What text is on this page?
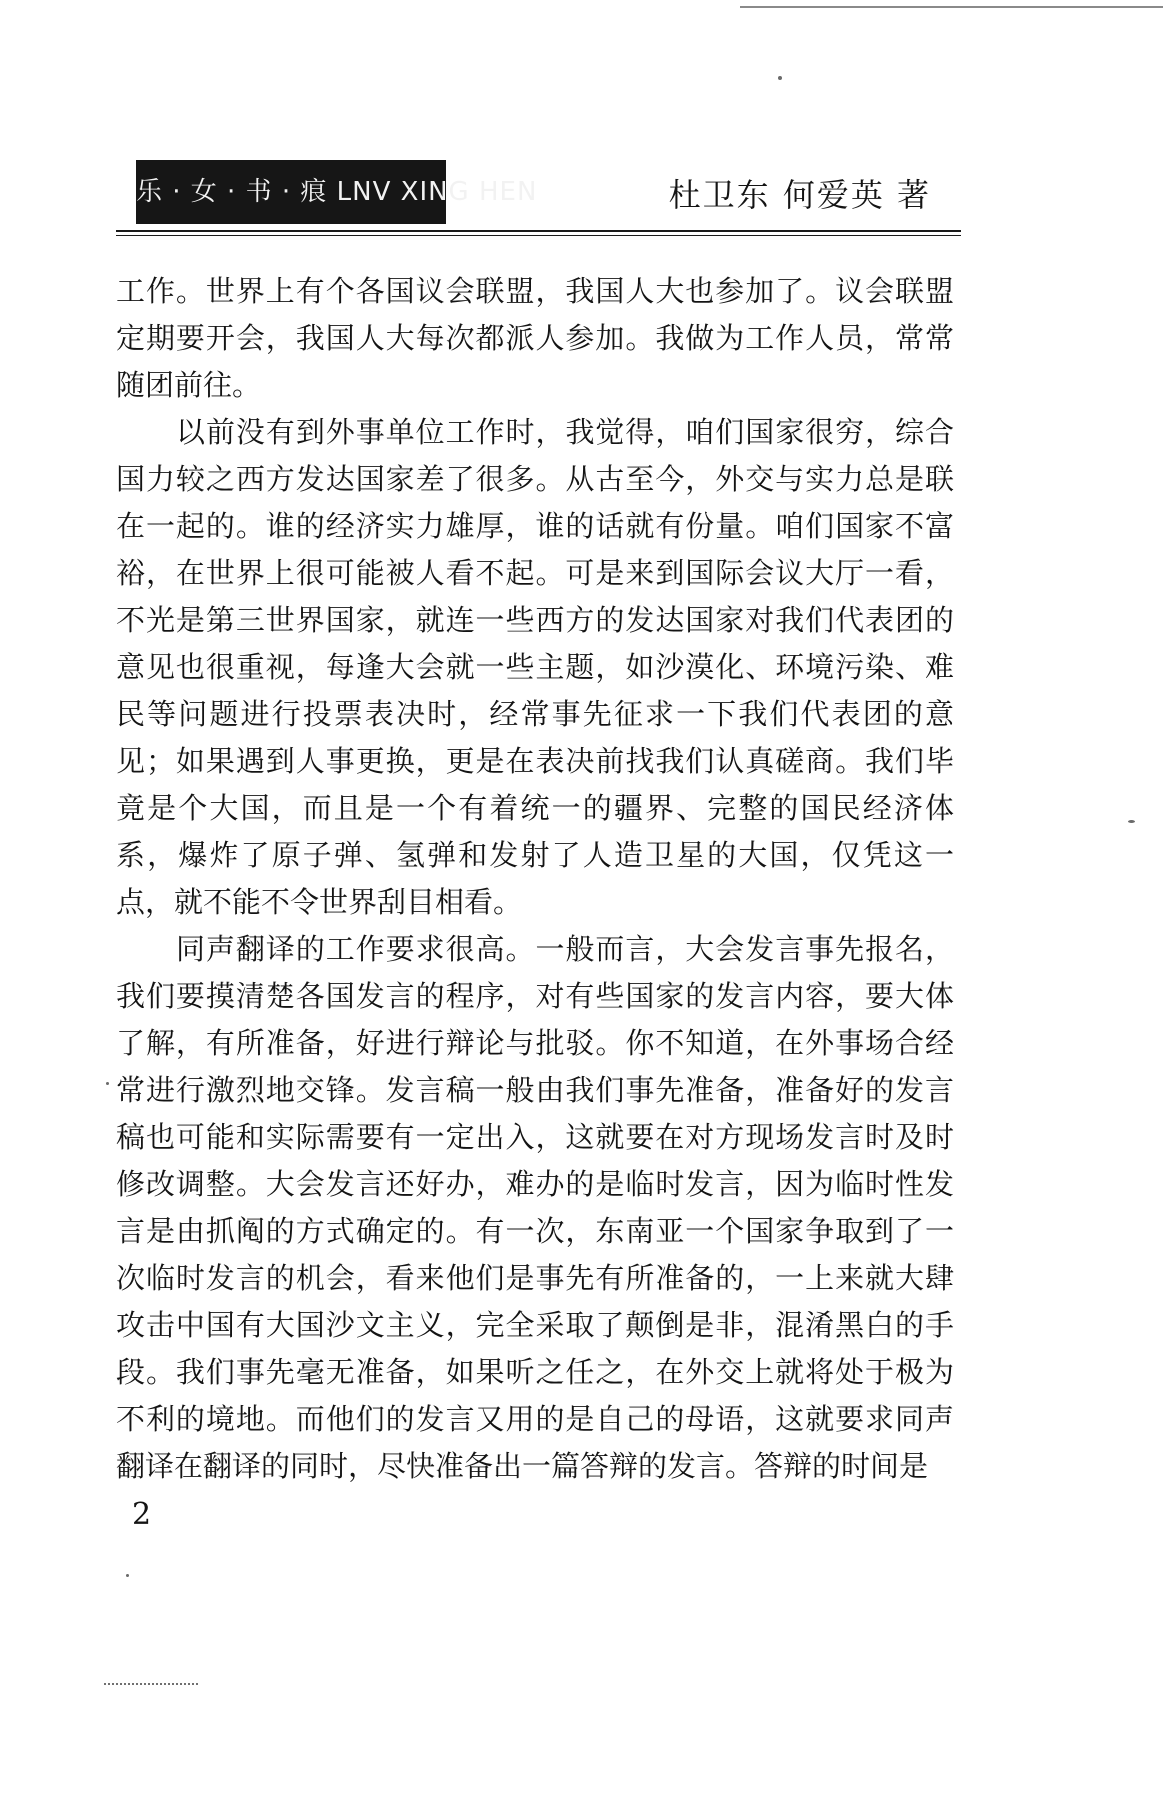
乐 · 女 · 书 · 痕 LNV XING HEN	杜卫东 何爱英 著

工作。世界上有个各国议会联盟，我国人大也参加了。议会联盟定期要开会，我国人大每次都派人参加。我做为工作人员，常常随团前往。

以前没有到外事单位工作时，我觉得，咱们国家很穷，综合国力较之西方发达国家差了很多。从古至今，外交与实力总是联在一起的。谁的经济实力雄厚，谁的话就有份量。咱们国家不富裕，在世界上很可能被人看不起。可是来到国际会议大厅一看，不光是第三世界国家，就连一些西方的发达国家对我们代表团的意见也很重视，每逢大会就一些主题，如沙漠化、环境污染、难民等问题进行投票表决时，经常事先征求一下我们代表团的意见；如果遇到人事更换，更是在表决前找我们认真磋商。我们毕竟是个大国，而且是一个有着统一的疆界、完整的国民经济体系，爆炸了原子弹、氢弹和发射了人造卫星的大国，仅凭这一点，就不能不令世界刮目相看。

同声翻译的工作要求很高。一般而言，大会发言事先报名，我们要摸清楚各国发言的程序，对有些国家的发言内容，要大体了解，有所准备，好进行辩论与批驳。你不知道，在外事场合经常进行激烈地交锋。发言稿一般由我们事先准备，准备好的发言稿也可能和实际需要有一定出入，这就要在对方现场发言时及时修改调整。大会发言还好办，难办的是临时发言，因为临时性发言是由抓阄的方式确定的。有一次，东南亚一个国家争取到了一次临时发言的机会，看来他们是事先有所准备的，一上来就大肆攻击中国有大国沙文主义，完全采取了颠倒是非，混淆黑白的手段。我们事先毫无准备，如果听之任之，在外交上就将处于极为不利的境地。而他们的发言又用的是自己的母语，这就要求同声翻译在翻译的同时，尽快准备出一篇答辩的发言。答辩的时间是

2
